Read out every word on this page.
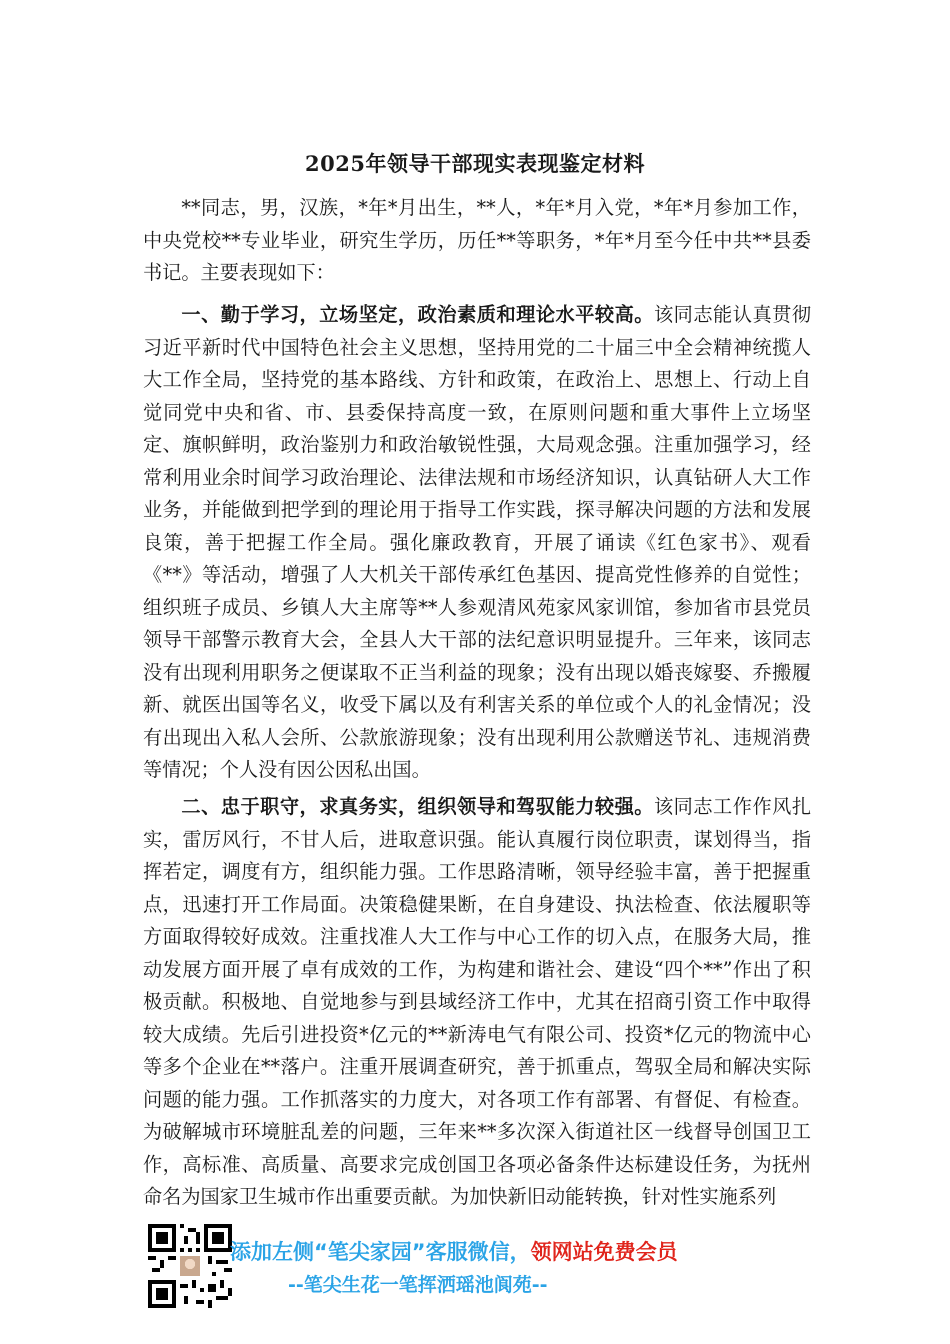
2025年领导干部现实表现鉴定材料

**同志，男，汉族，*年*月出生，**人，*年*月入党，*年*月参加工作，中央党校**专业毕业，研究生学历，历任**等职务，*年*月至今任中共**县委书记。主要表现如下：

一、勤于学习，立场坚定，政治素质和理论水平较高。该同志能认真贯彻习近平新时代中国特色社会主义思想，坚持用党的二十届三中全会精神统揽人大工作全局，坚持党的基本路线、方针和政策，在政治上、思想上、行动上自觉同党中央和省、市、县委保持高度一致，在原则问题和重大事件上立场坚定、旗帜鲜明，政治鉴别力和政治敏锐性强，大局观念强。注重加强学习，经常利用业余时间学习政治理论、法律法规和市场经济知识，认真钻研人大工作业务，并能做到把学到的理论用于指导工作实践，探寻解决问题的方法和发展良策，善于把握工作全局。强化廉政教育，开展了诵读《红色家书》、观看《**》等活动，增强了人大机关干部传承红色基因、提高党性修养的自觉性；组织班子成员、乡镇人大主席等**人参观清风苑家风家训馆，参加省市县党员领导干部警示教育大会，全县人大干部的法纪意识明显提升。三年来，该同志没有出现利用职务之便谋取不正当利益的现象；没有出现以婚丧嫁娶、乔搬履新、就医出国等名义，收受下属以及有利害关系的单位或个人的礼金情况；没有出现出入私人会所、公款旅游现象；没有出现利用公款赠送节礼、违规消费等情况；个人没有因公因私出国。

二、忠于职守，求真务实，组织领导和驾驭能力较强。该同志工作作风扎实，雷厉风行，不甘人后，进取意识强。能认真履行岗位职责，谋划得当，指挥若定，调度有方，组织能力强。工作思路清晰，领导经验丰富，善于把握重点，迅速打开工作局面。决策稳健果断，在自身建设、执法检查、依法履职等方面取得较好成效。注重找准人大工作与中心工作的切入点，在服务大局，推动发展方面开展了卓有成效的工作，为构建和谐社会、建设“四个**”作出了积极贡献。积极地、自觉地参与到县域经济工作中，尤其在招商引资工作中取得较大成绩。先后引进投资*亿元的**新涛电气有限公司、投资*亿元的物流中心等多个企业在**落户。注重开展调查研究，善于抓重点，驾驭全局和解决实际问题的能力强。工作抓落实的力度大，对各项工作有部署、有督促、有检查。为破解城市环境脏乱差的问题，三年来**多次深入街道社区一线督导创国卫工作，高标准、高质量、高要求完成创国卫各项必备条件达标建设任务，为抚州命名为国家卫生城市作出重要贡献。为加快新旧动能转换，针对性实施系列

添加左侧“笔尖家园”客服微信，领网站免费会员
--笔尖生花一笔挥洒瑶池阆苑--
